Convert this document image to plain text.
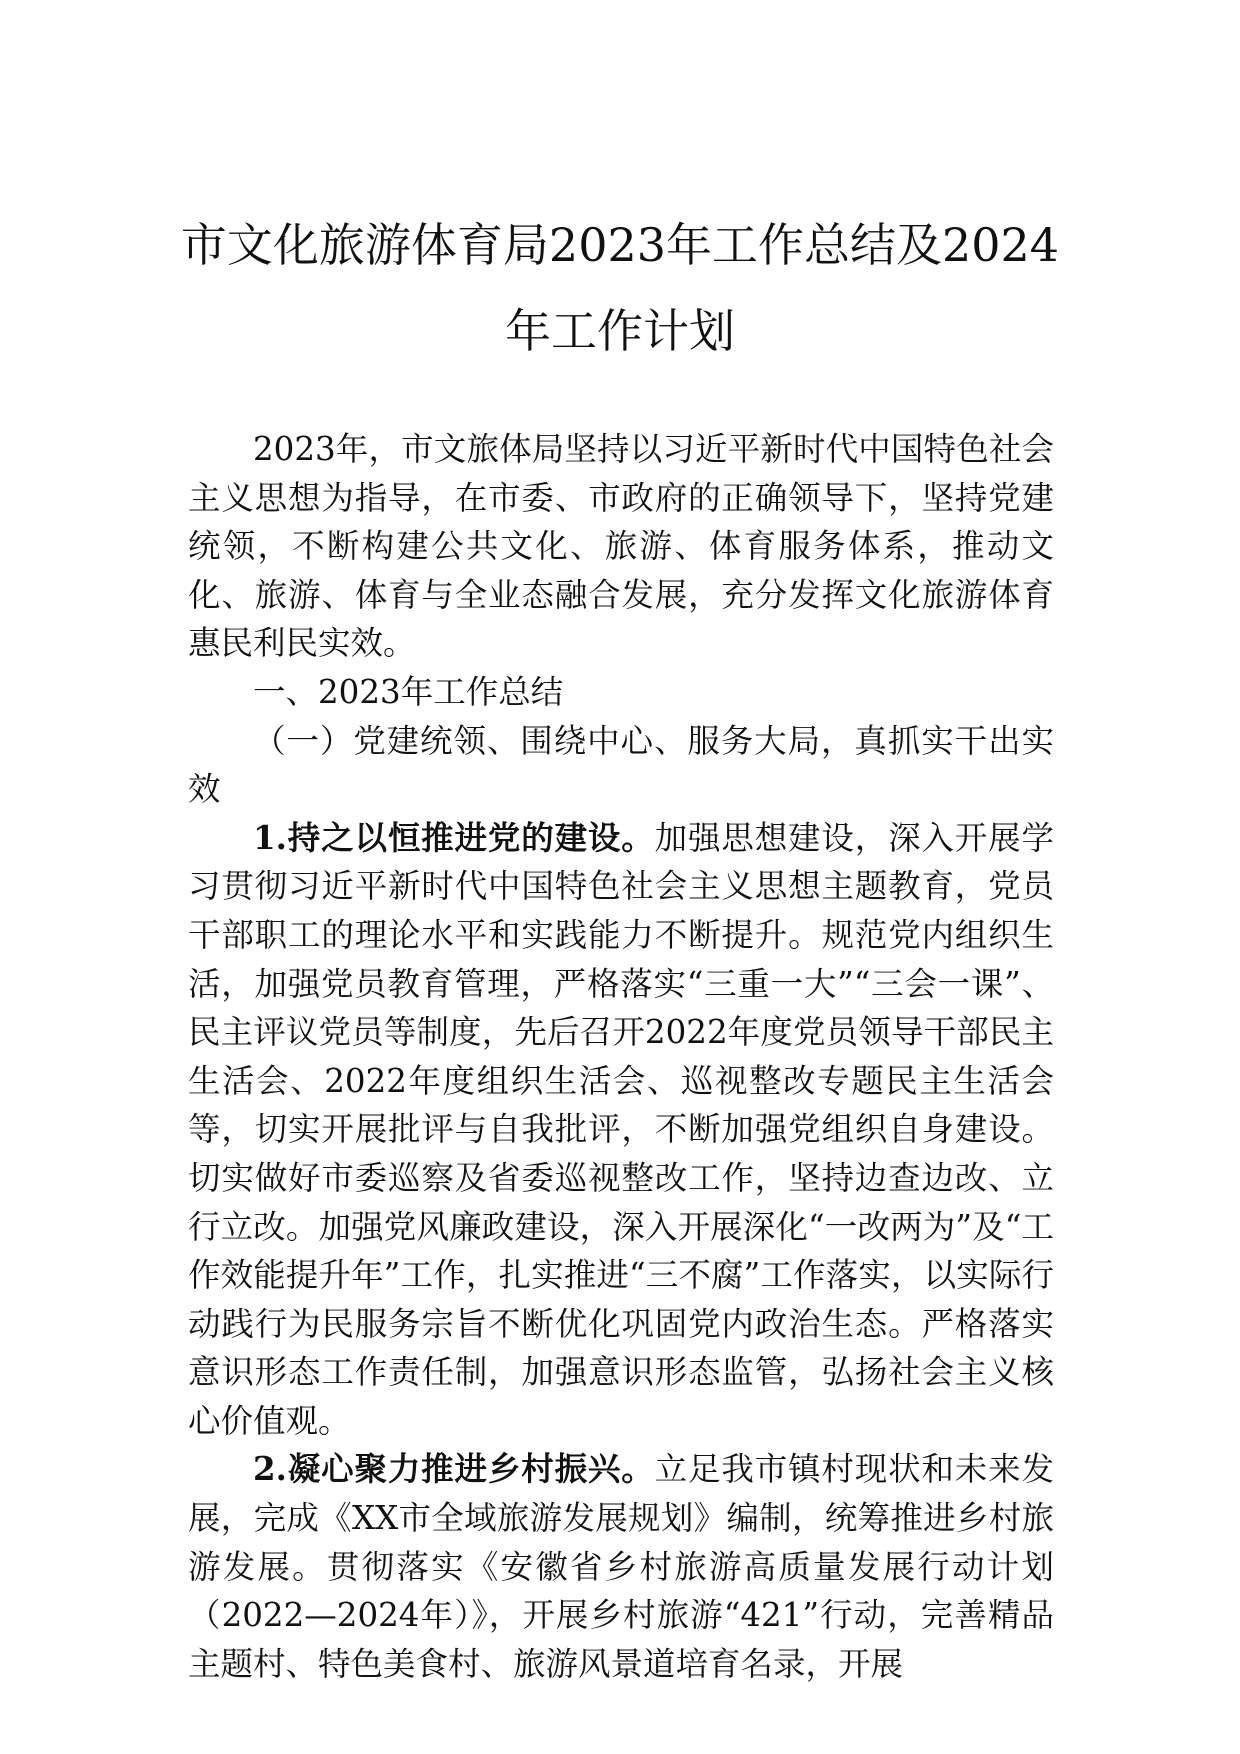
市文化旅游体育局2023年工作总结及2024
年工作计划

2023年，市文旅体局坚持以习近平新时代中国特色社会主义思想为指导，在市委、市政府的正确领导下，坚持党建统领，不断构建公共文化、旅游、体育服务体系，推动文化、旅游、体育与全业态融合发展，充分发挥文化旅游体育惠民利民实效。

一、2023年工作总结

（一）党建统领、围绕中心、服务大局，真抓实干出实效

1.持之以恒推进党的建设。加强思想建设，深入开展学习贯彻习近平新时代中国特色社会主义思想主题教育，党员干部职工的理论水平和实践能力不断提升。规范党内组织生活，加强党员教育管理，严格落实“三重一大”“三会一课”、民主评议党员等制度，先后召开2022年度党员领导干部民主生活会、2022年度组织生活会、巡视整改专题民主生活会等，切实开展批评与自我批评，不断加强党组织自身建设。切实做好市委巡察及省委巡视整改工作，坚持边查边改、立行立改。加强党风廉政建设，深入开展深化“一改两为”及“工作效能提升年”工作，扎实推进“三不腐”工作落实，以实际行动践行为民服务宗旨不断优化巩固党内政治生态。严格落实意识形态工作责任制，加强意识形态监管，弘扬社会主义核心价值观。

2.凝心聚力推进乡村振兴。立足我市镇村现状和未来发展，完成《XX市全域旅游发展规划》编制，统筹推进乡村旅游发展。贯彻落实《安徽省乡村旅游高质量发展行动计划（2022—2024年）》，开展乡村旅游“421”行动，完善精品主题村、特色美食村、旅游风景道培育名录，开展
